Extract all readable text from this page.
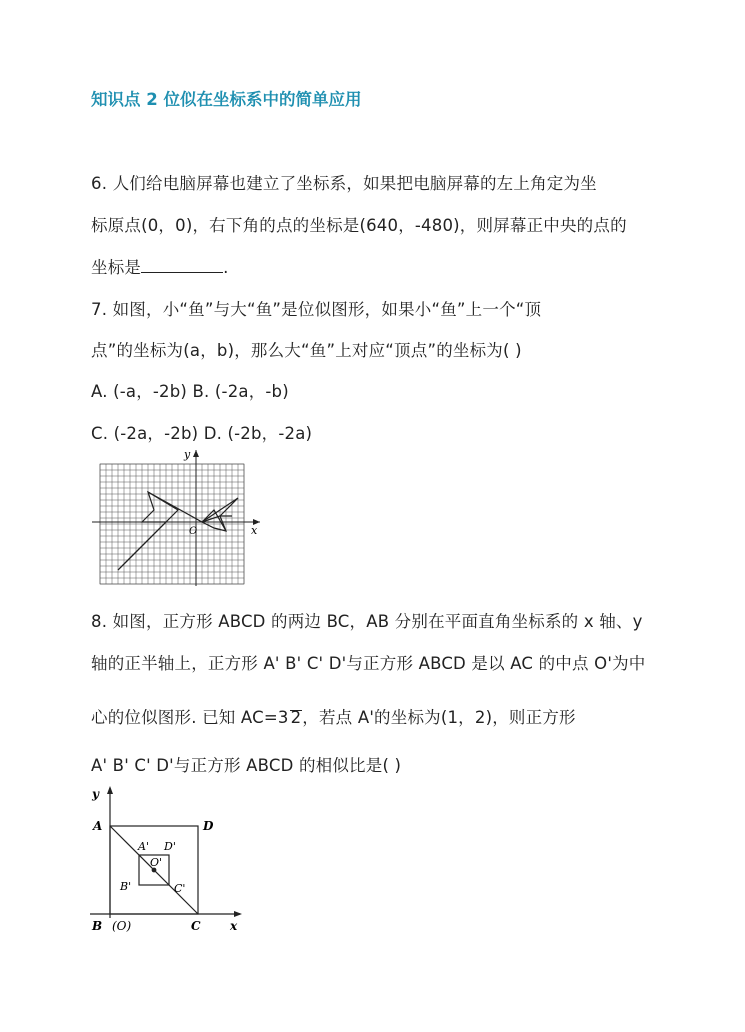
知识点 2 位似在坐标系中的简单应用
6. 人们给电脑屏幕也建立了坐标系，如果把电脑屏幕的左上角定为坐
标原点(0，0)，右下角的点的坐标是(640，-480)，则屏幕正中央的点的
坐标是	.
7. 如图，小“鱼”与大“鱼”是位似图形，如果小“鱼”上一个“顶
点”的坐标为(a，b)，那么大“鱼”上对应“顶点”的坐标为( )
A. (-a，-2b) B. (-2a，-b)
C. (-2a，-2b) D. (-2b，-2a)
y
x
O
8. 如图，正方形 ABCD 的两边 BC，AB 分别在平面直角坐标系的 x 轴、y
轴的正半轴上，正方形 A' B' C' D'与正方形 ABCD 是以 AC 的中点 O'为中
心的位似图形. 已知 AC=3 2，若点 A'的坐标为(1，2)，则正方形
A' B' C' D'与正方形 ABCD 的相似比是( )
y
A	D
B (O)	C x
A' D'
O'
B'	C'
